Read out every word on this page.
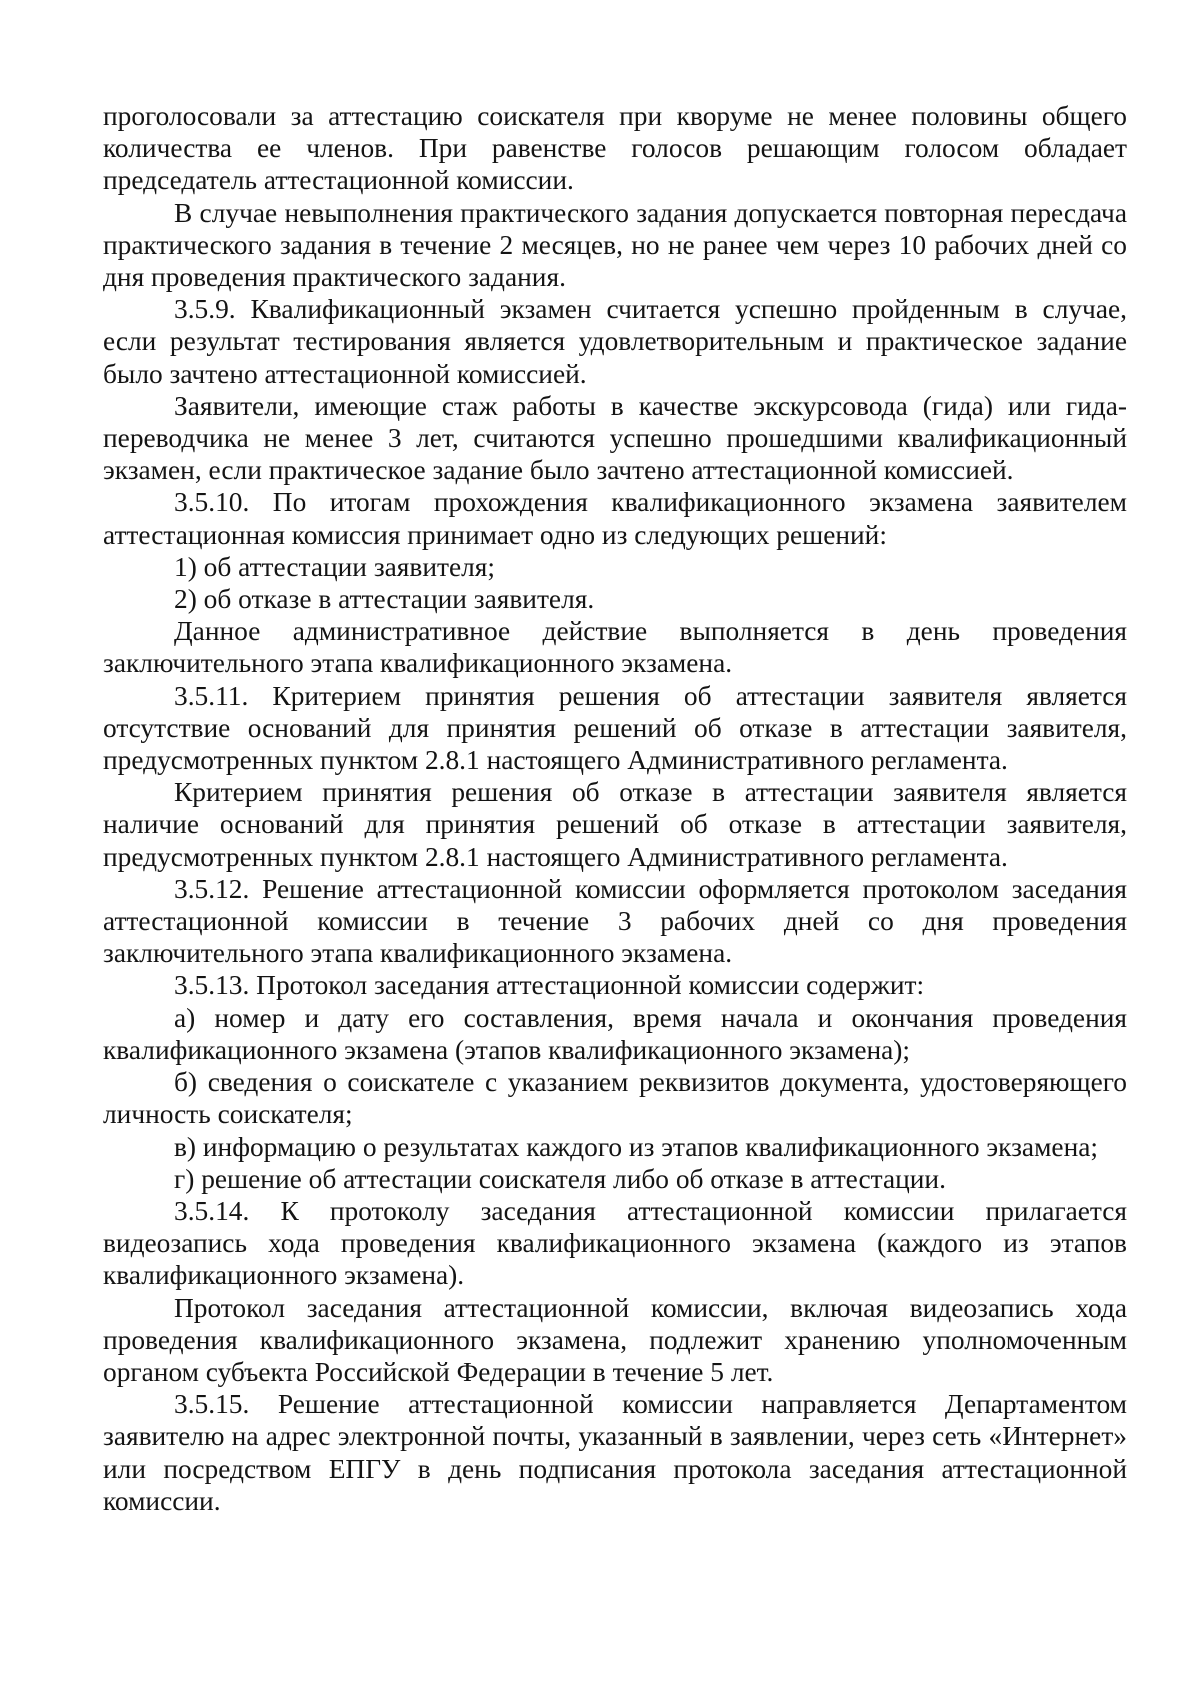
проголосовали за аттестацию соискателя при кворуме не менее половины общего количества ее членов. При равенстве голосов решающим голосом обладает председатель аттестационной комиссии.

В случае невыполнения практического задания допускается повторная пересдача практического задания в течение 2 месяцев, но не ранее чем через 10 рабочих дней со дня проведения практического задания.

3.5.9. Квалификационный экзамен считается успешно пройденным в случае, если результат тестирования является удовлетворительным и практическое задание было зачтено аттестационной комиссией.

Заявители, имеющие стаж работы в качестве экскурсовода (гида) или гида-переводчика не менее 3 лет, считаются успешно прошедшими квалификационный экзамен, если практическое задание было зачтено аттестационной комиссией.

3.5.10. По итогам прохождения квалификационного экзамена заявителем аттестационная комиссия принимает одно из следующих решений:

1) об аттестации заявителя;

2) об отказе в аттестации заявителя.

Данное административное действие выполняется в день проведения заключительного этапа квалификационного экзамена.

3.5.11. Критерием принятия решения об аттестации заявителя является отсутствие оснований для принятия решений об отказе в аттестации заявителя, предусмотренных пунктом 2.8.1 настоящего Административного регламента.

Критерием принятия решения об отказе в аттестации заявителя является наличие оснований для принятия решений об отказе в аттестации заявителя, предусмотренных пунктом 2.8.1 настоящего Административного регламента.

3.5.12. Решение аттестационной комиссии оформляется протоколом заседания аттестационной комиссии в течение 3 рабочих дней со дня проведения заключительного этапа квалификационного экзамена.

3.5.13. Протокол заседания аттестационной комиссии содержит:

а) номер и дату его составления, время начала и окончания проведения квалификационного экзамена (этапов квалификационного экзамена);

б) сведения о соискателе с указанием реквизитов документа, удостоверяющего личность соискателя;

в) информацию о результатах каждого из этапов квалификационного экзамена;

г) решение об аттестации соискателя либо об отказе в аттестации.

3.5.14. К протоколу заседания аттестационной комиссии прилагается видеозапись хода проведения квалификационного экзамена (каждого из этапов квалификационного экзамена).

Протокол заседания аттестационной комиссии, включая видеозапись хода проведения квалификационного экзамена, подлежит хранению уполномоченным органом субъекта Российской Федерации в течение 5 лет.

3.5.15. Решение аттестационной комиссии направляется Департаментом заявителю на адрес электронной почты, указанный в заявлении, через сеть «Интернет» или посредством ЕПГУ в день подписания протокола заседания аттестационной комиссии.
